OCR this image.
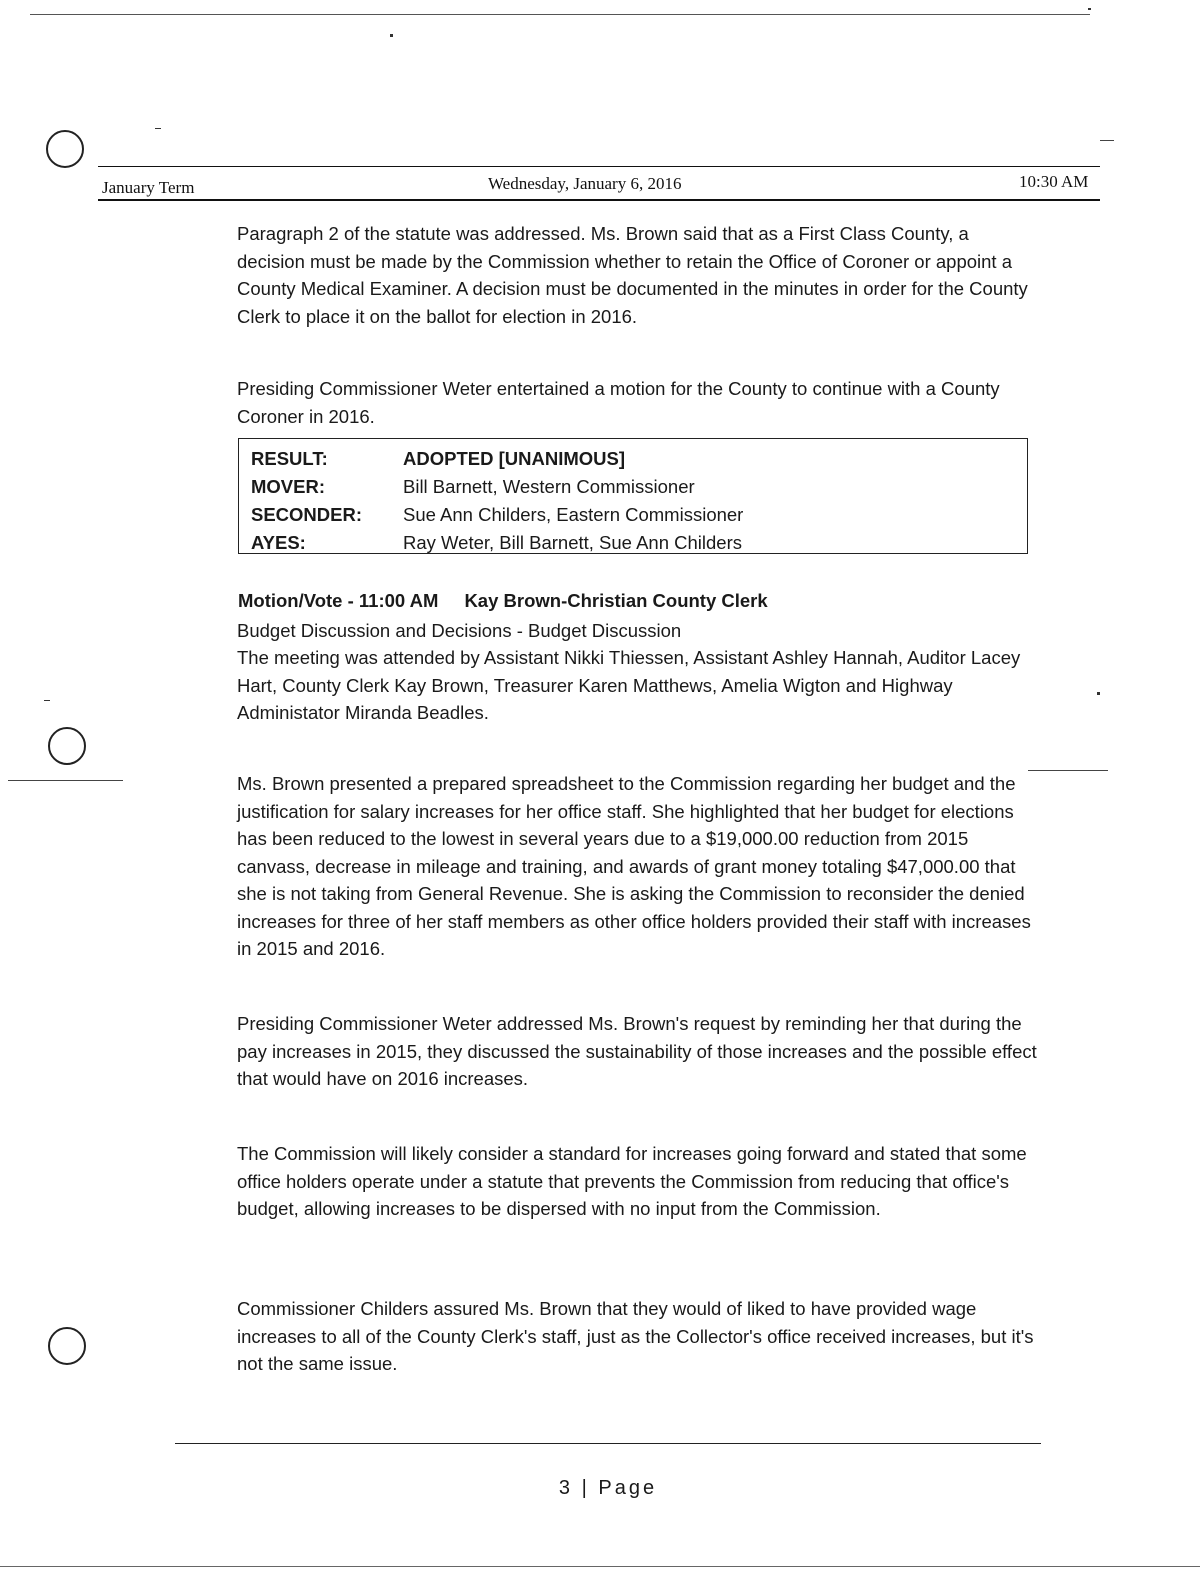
January Term	Wednesday, January 6, 2016	10:30 AM
Paragraph 2 of the statute was addressed. Ms. Brown said that as a First Class County, a decision must be made by the Commission whether to retain the Office of Coroner or appoint a County Medical Examiner. A decision must be documented in the minutes in order for the County Clerk to place it on the ballot for election in 2016.
Presiding Commissioner Weter entertained a motion for the County to continue with a County Coroner in 2016.
RESULT:	ADOPTED [UNANIMOUS]
MOVER:	Bill Barnett, Western Commissioner
SECONDER: Sue Ann Childers, Eastern Commissioner
AYES:	Ray Weter, Bill Barnett, Sue Ann Childers
Motion/Vote - 11:00 AM Kay Brown-Christian County Clerk
Budget Discussion and Decisions - Budget Discussion
The meeting was attended by Assistant Nikki Thiessen, Assistant Ashley Hannah, Auditor Lacey Hart, County Clerk Kay Brown, Treasurer Karen Matthews, Amelia Wigton and Highway Administator Miranda Beadles.
Ms. Brown presented a prepared spreadsheet to the Commission regarding her budget and the justification for salary increases for her office staff. She highlighted that her budget for elections has been reduced to the lowest in several years due to a $19,000.00 reduction from 2015 canvass, decrease in mileage and training, and awards of grant money totaling $47,000.00 that she is not taking from General Revenue. She is asking the Commission to reconsider the denied increases for three of her staff members as other office holders provided their staff with increases in 2015 and 2016.
Presiding Commissioner Weter addressed Ms. Brown's request by reminding her that during the pay increases in 2015, they discussed the sustainability of those increases and the possible effect that would have on 2016 increases.
The Commission will likely consider a standard for increases going forward and stated that some office holders operate under a statute that prevents the Commission from reducing that office's budget, allowing increases to be dispersed with no input from the Commission.
Commissioner Childers assured Ms. Brown that they would of liked to have provided wage increases to all of the County Clerk's staff, just as the Collector's office received increases, but it's not the same issue.
3 | Page
